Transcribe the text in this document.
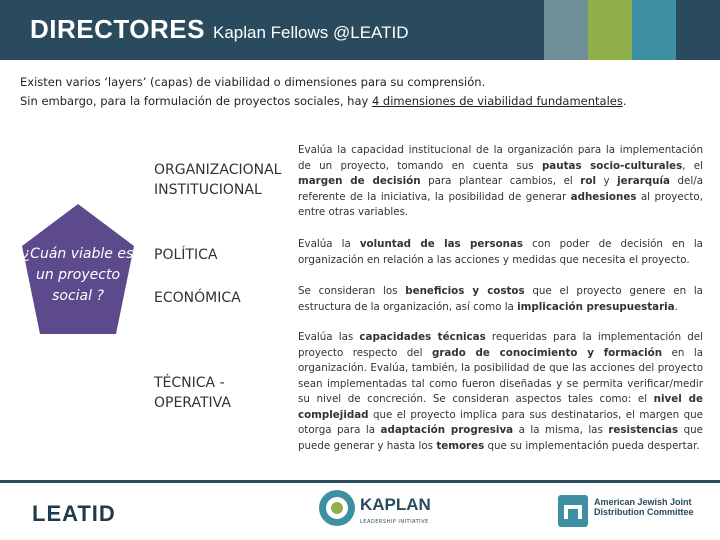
DIRECTORES Kaplan Fellows @LEATID
Existen varios ‘layers’ (capas) de viabilidad o dimensiones para su comprensión.
Sin embargo, para la formulación de proyectos sociales, hay 4 dimensiones de viabilidad fundamentales.
¿Cuán viable es un proyecto social ?
ORGANIZACIONAL INSTITUCIONAL
Evalúa la capacidad institucional de la organización para la implementación de un proyecto, tomando en cuenta sus pautas socio-culturales, el margen de decisión para plantear cambios, el rol y jerarquía del/a referente de la iniciativa, la posibilidad de generar adhesiones al proyecto, entre otras variables.
POLÍTICA
Evalúa la voluntad de las personas con poder de decisión en la organización en relación a las acciones y medidas que necesita el proyecto.
ECONÓMICA	Se consideran los beneficios y costos que el proyecto genere en la estructura de la organización, así como la implicación presupuestaria.
TÉCNICA - OPERATIVA
Evalúa las capacidades técnicas requeridas para la implementación del proyecto respecto del grado de conocimiento y formación en la organización. Evalúa, también, la posibilidad de que las acciones del proyecto sean implementadas tal como fueron diseñadas y se permita verificar/medir su nivel de concreción. Se consideran aspectos tales como: el nivel de complejidad que el proyecto implica para sus destinatarios, el margen que otorga para la adaptación progresiva a la misma, las resistencias que puede generar y hasta los temores que su implementación pueda despertar.
LEATID	KAPLAN
LEADERSHIP INITIATIVE
American Jewish Joint Distribution Committee
